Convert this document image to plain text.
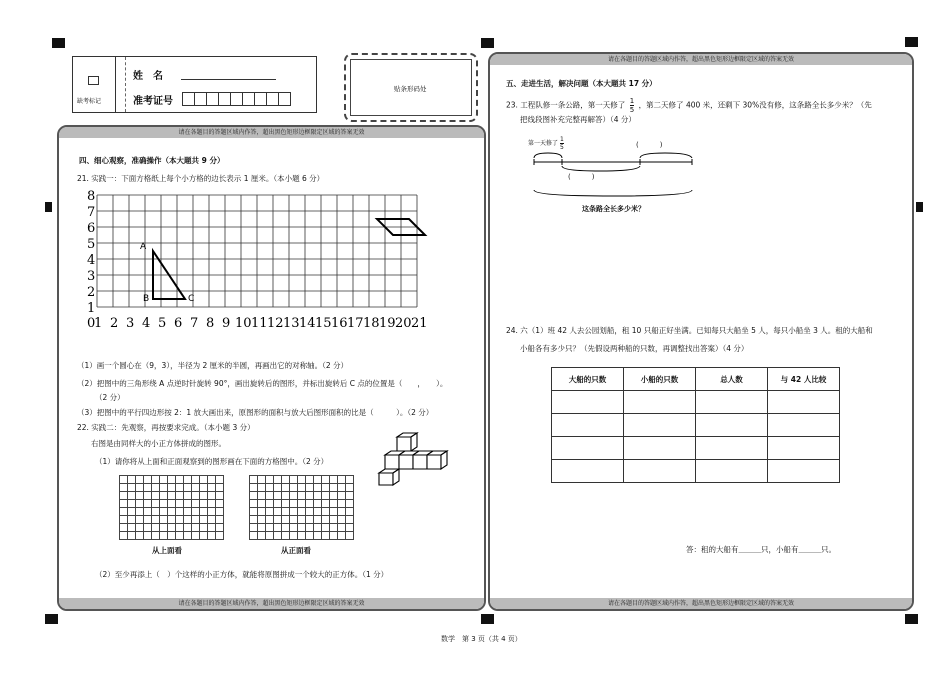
缺考标记
姓　名
准考证号
贴条形码处
请在各题目的答题区域内作答，超出黑色矩形边框限定区域的答案无效
请在各题目的答题区域内作答，超出黑色矩形边框限定区域的答案无效
四、细心观察，准确操作（本大题共 9 分）
21. 实践一：下面方格纸上每个小方格的边长表示 1 厘米。（本小题 6 分）
8
7
6
5
4
3
2
1
0
1 2 3 4 5 6 7 8 9 10 11 12 13 14 15 16 17 18 19 20 21
A
B	C
（1）画一个圆心在（9，3），半径为 2 厘米的半圆，再画出它的对称轴。（2 分）
（2）把图中的三角形绕 A 点逆时针旋转 90°，画出旋转后的图形，并标出旋转后 C 点的位置是（　　，　　）。
（2 分）
（3）把图中的平行四边形按 2：1 放大画出来，原图形的面积与放大后图形面积的比是（　　　）。（2 分）
22. 实践二：先观察，再按要求完成。（本小题 3 分）
右图是由同样大的小正方体拼成的图形。
（1）请你将从上面和正面观察到的图形画在下面的方格图中。（2 分）
从上面看	从正面看
（2）至少再添上（　）个这样的小正方体，就能将原图拼成一个较大的正方体。（1 分）
请在各题目的答题区域内作答，超出黑色矩形边框限定区域的答案无效
请在各题目的答题区域内作答，超出黑色矩形边框限定区域的答案无效
五、走进生活，解决问题（本大题共 17 分）
23. 工程队修一条公路，第一天修了 $\frac{1}{5}$ ，第二天修了 400 米，还剩下 30%没有修，这条路全长多少米？（先
把线段图补充完整再解答）（4 分）
第一天修了 $\frac{1}{5}$	(　　　)
(　　　)
这条路全长多少米？
24. 六（1）班 42 人去公园划船，租 10 只船正好坐满。已知每只大船坐 5 人，每只小船坐 3 人。租的大船和
小船各有多少只？（先假设两种船的只数，再调整找出答案）（4 分）
大船的只数	小船的只数	总人数	与 42 人比较

答：租的大船有＿＿＿只，小船有＿＿＿只。
数学　第 3 页（共 4 页）
